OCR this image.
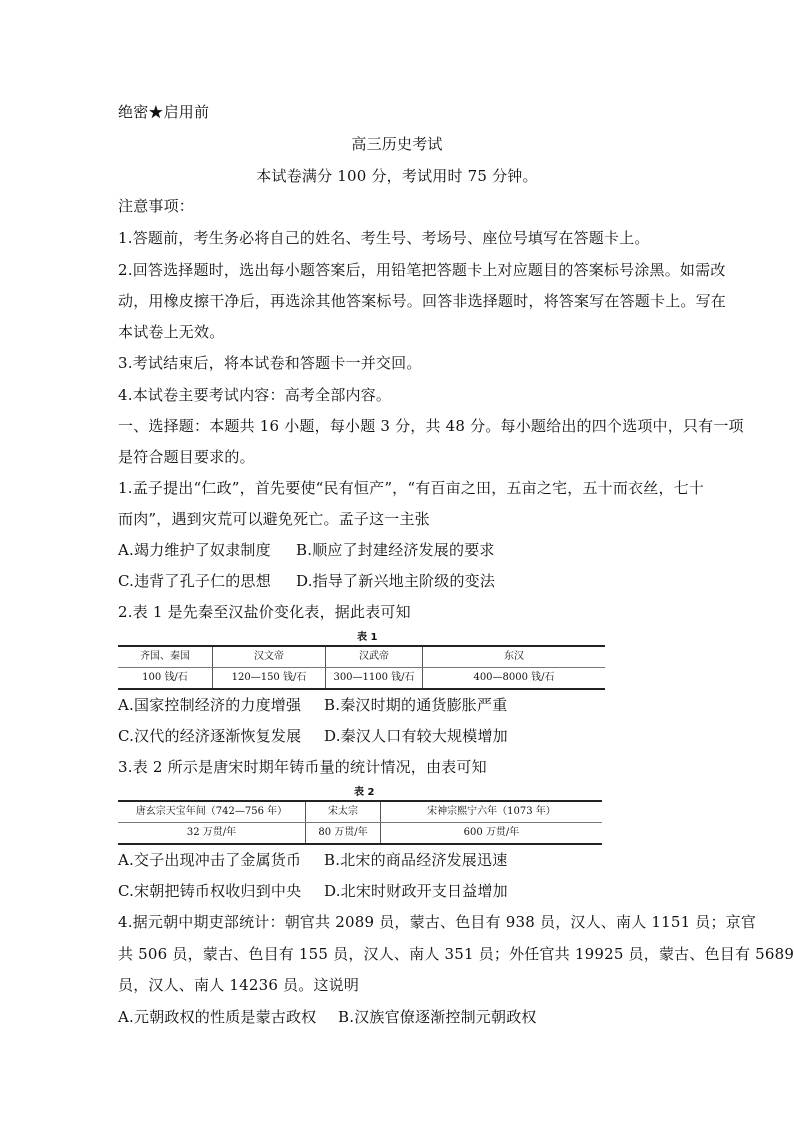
绝密★启用前
高三历史考试
本试卷满分 100 分，考试用时 75 分钟。
注意事项：
1.答题前，考生务必将自己的姓名、考生号、考场号、座位号填写在答题卡上。
2.回答选择题时，选出每小题答案后，用铅笔把答题卡上对应题目的答案标号涂黑。如需改
动，用橡皮擦干净后，再选涂其他答案标号。回答非选择题时，将答案写在答题卡上。写在
本试卷上无效。
3.考试结束后，将本试卷和答题卡一并交回。
4.本试卷主要考试内容：高考全部内容。
一、选择题：本题共 16 小题，每小题 3 分，共 48 分。每小题给出的四个选项中，只有一项
是符合题目要求的。
1.孟子提出“仁政”，首先要使“民有恒产”，“有百亩之田，五亩之宅，五十而衣丝，七十
而肉”，遇到灾荒可以避免死亡。孟子这一主张
A.竭力维护了奴隶制度 B.顺应了封建经济发展的要求
C.违背了孔子仁的思想 D.指导了新兴地主阶级的变法
2.表 1 是先秦至汉盐价变化表，据此表可知
表 1
齐国、秦国	汉文帝	汉武帝	东汉
100 钱/石	120—150 钱/石	300—1100 钱/石	400—8000 钱/石
A.国家控制经济的力度增强 B.秦汉时期的通货膨胀严重
C.汉代的经济逐渐恢复发展 D.秦汉人口有较大规模增加
3.表 2 所示是唐宋时期年铸币量的统计情况，由表可知
表 2
唐玄宗天宝年间（742—756 年）	宋太宗	宋神宗熙宁六年（1073 年）
32 万贯/年	80 万贯/年	600 万贯/年
A.交子出现冲击了金属货币 B.北宋的商品经济发展迅速
C.宋朝把铸币权收归到中央 D.北宋时财政开支日益增加
4.据元朝中期吏部统计：朝官共 2089 员，蒙古、色目有 938 员，汉人、南人 1151 员；京官
共 506 员，蒙古、色目有 155 员，汉人、南人 351 员；外任官共 19925 员，蒙古、色目有 5689
员，汉人、南人 14236 员。这说明
A.元朝政权的性质是蒙古政权 B.汉族官僚逐渐控制元朝政权
